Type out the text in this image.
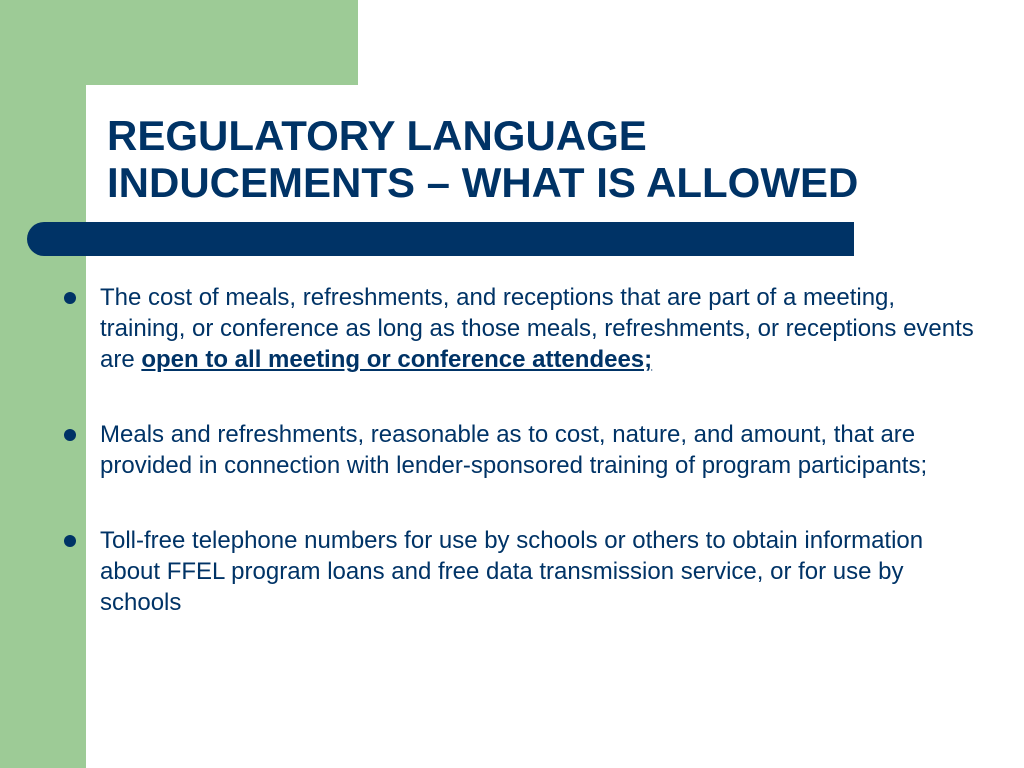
REGULATORY LANGUAGE
INDUCEMENTS – WHAT IS ALLOWED
The cost of meals, refreshments, and receptions that are part of a meeting, training, or conference as long as those meals, refreshments, or receptions events are open to all meeting or conference attendees;
Meals and refreshments, reasonable as to cost, nature, and amount, that are provided in connection with lender-sponsored training of program participants;
Toll-free telephone numbers for use by schools or others to obtain information about FFEL program loans and free data transmission service, or for use by schools
